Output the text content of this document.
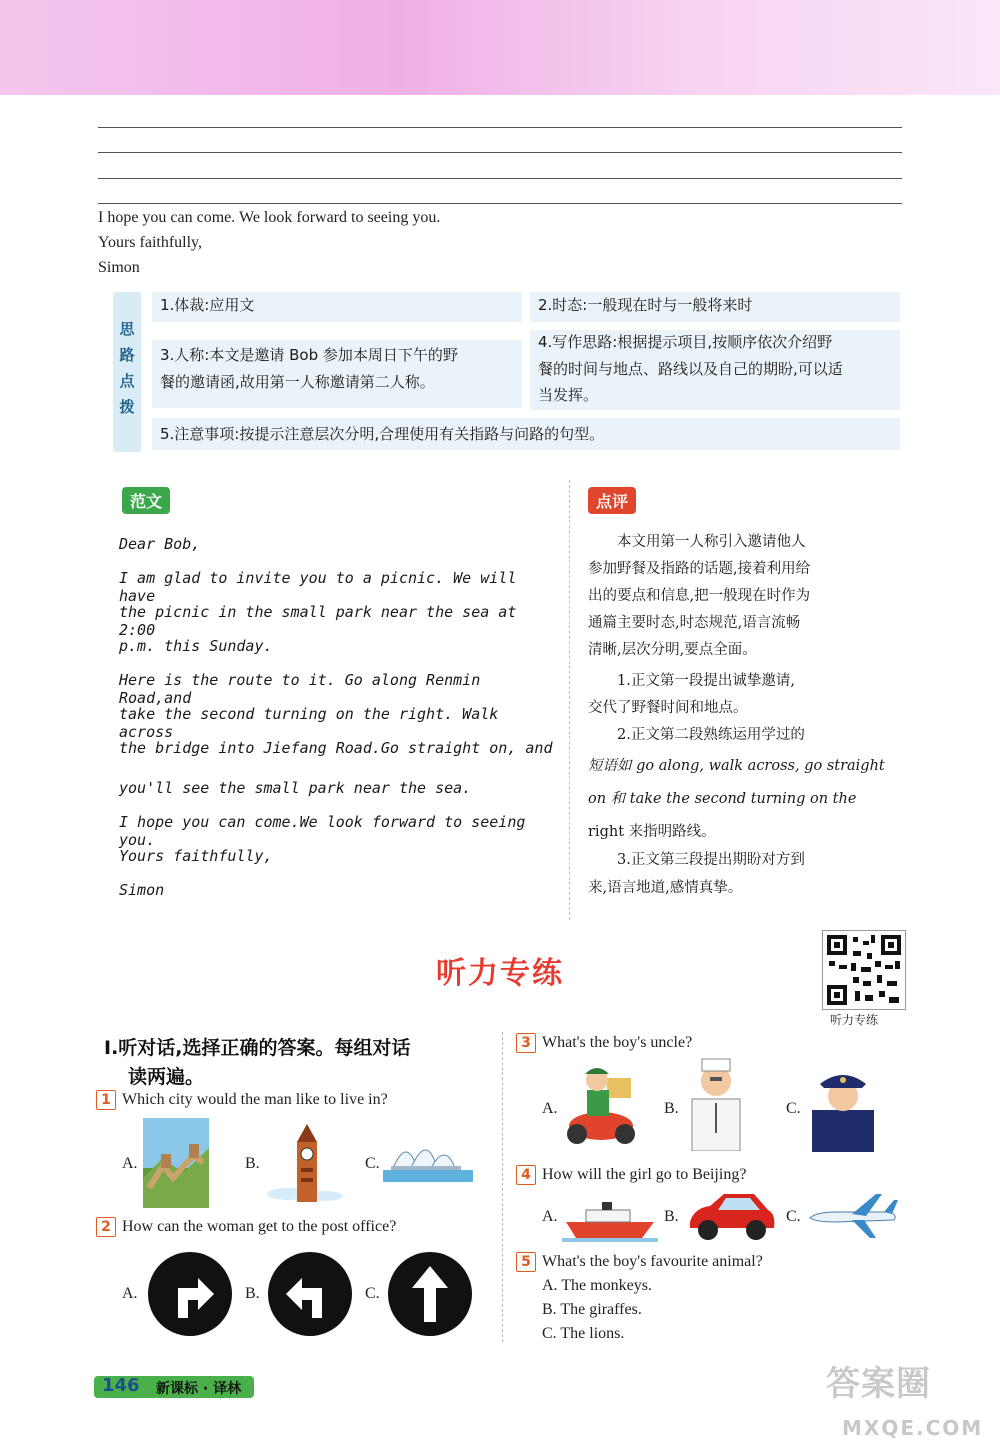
I hope you can come. We look forward to seeing you.
Yours faithfully,
Simon
思
路
点
拨
1.体裁:应用文	2.时态:一般现在时与一般将来时
3.人称:本文是邀请 Bob 参加本周日下午的野
餐的邀请函,故用第一人称邀请第二人称。
4.写作思路:根据提示项目,按顺序依次介绍野
餐的时间与地点、路线以及自己的期盼,可以适
当发挥。
5.注意事项:按提示注意层次分明,合理使用有关指路与问路的句型。
范文	点评
Dear Bob,
I am glad to invite you to a picnic. We will have
the picnic in the small park near the sea at 2:00
p.m. this Sunday.
Here is the route to it. Go along Renmin Road,and
take the second turning on the right. Walk across
the bridge into Jiefang Road.Go straight on, and
you'll see the small park near the sea.
I hope you can come.We look forward to seeing you.
Yours faithfully,
Simon
　　本文用第一人称引入邀请他人
参加野餐及指路的话题,接着利用给
出的要点和信息,把一般现在时作为
通篇主要时态,时态规范,语言流畅
清晰,层次分明,要点全面。
　　1.正文第一段提出诚挚邀请,
交代了野餐时间和地点。
　　2.正文第二段熟练运用学过的
短语如 go along, walk across, go straight
on 和 take the second turning on the
right 来指明路线。
　　3.正文第三段提出期盼对方到
来,语言地道,感情真挚。
听力专练
听力专练
Ⅰ.听对话,选择正确的答案。每组对话
读两遍。
1 Which city would the man like to live in?
A.	B.	C.
2 How can the woman get to the post office?
A.	B.	C.
3 What's the boy's uncle?
A.	B.	C.
4 How will the girl go to Beijing?
A.	B.	C.
5 What's the boy's favourite animal?
A. The monkeys.
B. The giraffes.
C. The lions.
146 新课标 · 译林	答案圈
MXQE.COM
